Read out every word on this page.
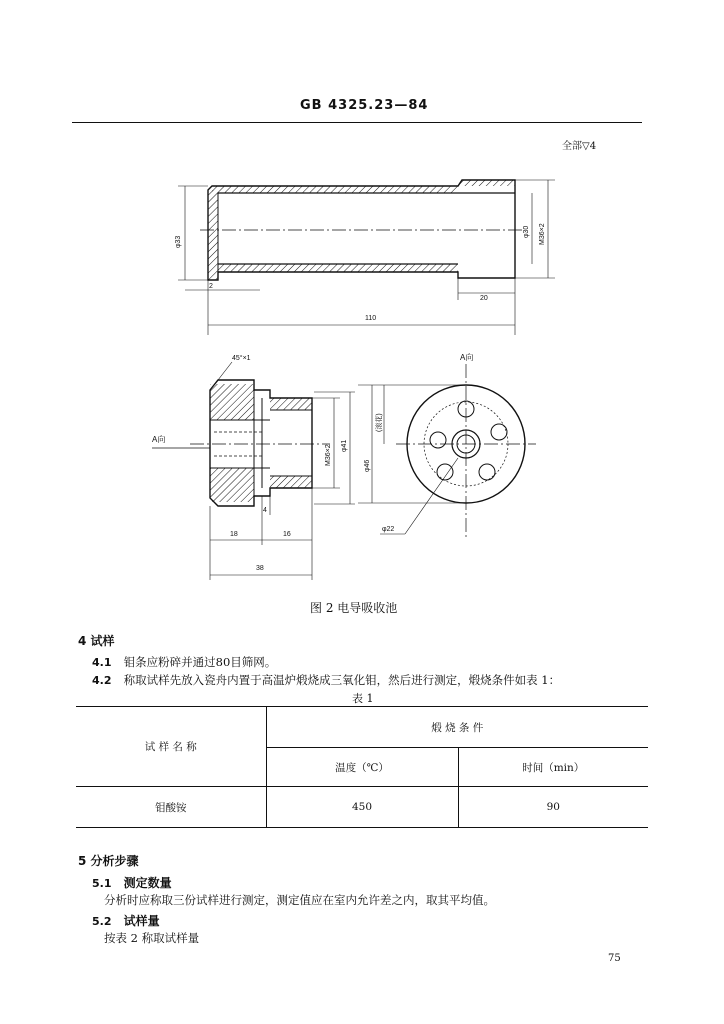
GB 4325.23—84
全部▽4
φ33
φ30 M36×2
2
20
110
45°×1
A向
M36×2 φ41
4
18	16
38
A向
(滚花)
φ46
φ22
图 2 电导吸收池
4 试样
4.1 钼条应粉碎并通过80目筛网。
4.2 称取试样先放入瓷舟内置于高温炉煅烧成三氧化钼，然后进行测定，煅烧条件如表 1：
表 1
试 样 名 称	煅 烧 条 件	
	温度（℃）	时间（min）
钼酸铵	450	90
5 分析步骤
5.1 测定数量
分析时应称取三份试样进行测定，测定值应在室内允许差之内，取其平均值。
5.2 试样量
按表 2 称取试样量
75
